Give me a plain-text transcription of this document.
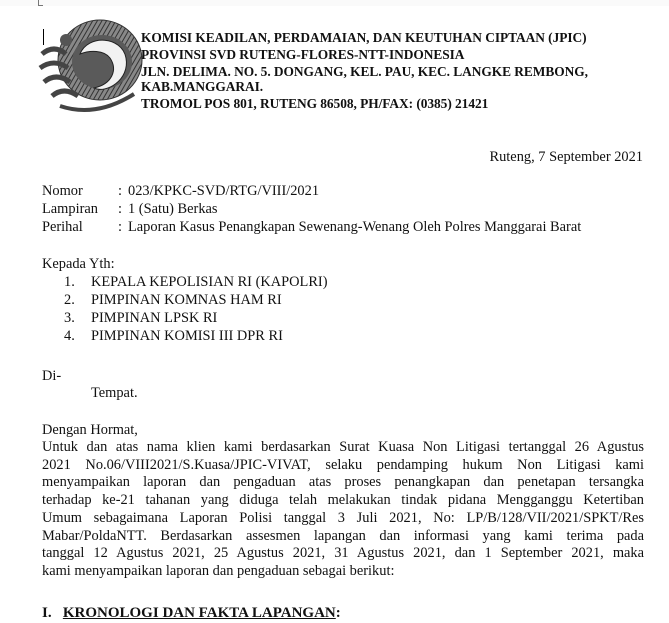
KOMISI KEADILAN, PERDAMAIAN, DAN KEUTUHAN CIPTAAN (JPIC)
PROVINSI SVD RUTENG-FLORES-NTT-INDONESIA
JLN. DELIMA. NO. 5. DONGANG, KEL. PAU, KEC. LANGKE REMBONG,
KAB.MANGGARAI.
TROMOL POS 801, RUTENG 86508, PH/FAX: (0385) 21421
Ruteng, 7 September 2021
Nomor : 023/KPKC-SVD/RTG/VIII/2021
Lampiran : 1 (Satu) Berkas
Perihal : Laporan Kasus Penangkapan Sewenang-Wenang Oleh Polres Manggarai Barat
Kepada Yth:
1. KEPALA KEPOLISIAN RI (KAPOLRI)
2. PIMPINAN KOMNAS HAM RI
3. PIMPINAN LPSK RI
4. PIMPINAN KOMISI III DPR RI
Di-
Tempat.
Dengan Hormat,
Untuk dan atas nama klien kami berdasarkan Surat Kuasa Non Litigasi tertanggal 26 Agustus
2021 No.06/VIII2021/S.Kuasa/JPIC-VIVAT, selaku pendamping hukum Non Litigasi kami
menyampaikan laporan dan pengaduan atas proses penangkapan dan penetapan tersangka
terhadap ke-21 tahanan yang diduga telah melakukan tindak pidana Mengganggu Ketertiban
Umum sebagaimana Laporan Polisi tanggal 3 Juli 2021, No: LP/B/128/VII/2021/SPKT/Res
Mabar/PoldaNTT. Berdasarkan assesmen lapangan dan informasi yang kami terima pada
tanggal 12 Agustus 2021, 25 Agustus 2021, 31 Agustus 2021, dan 1 September 2021, maka
kami menyampaikan laporan dan pengaduan sebagai berikut:
I. KRONOLOGI DAN FAKTA LAPANGAN:
